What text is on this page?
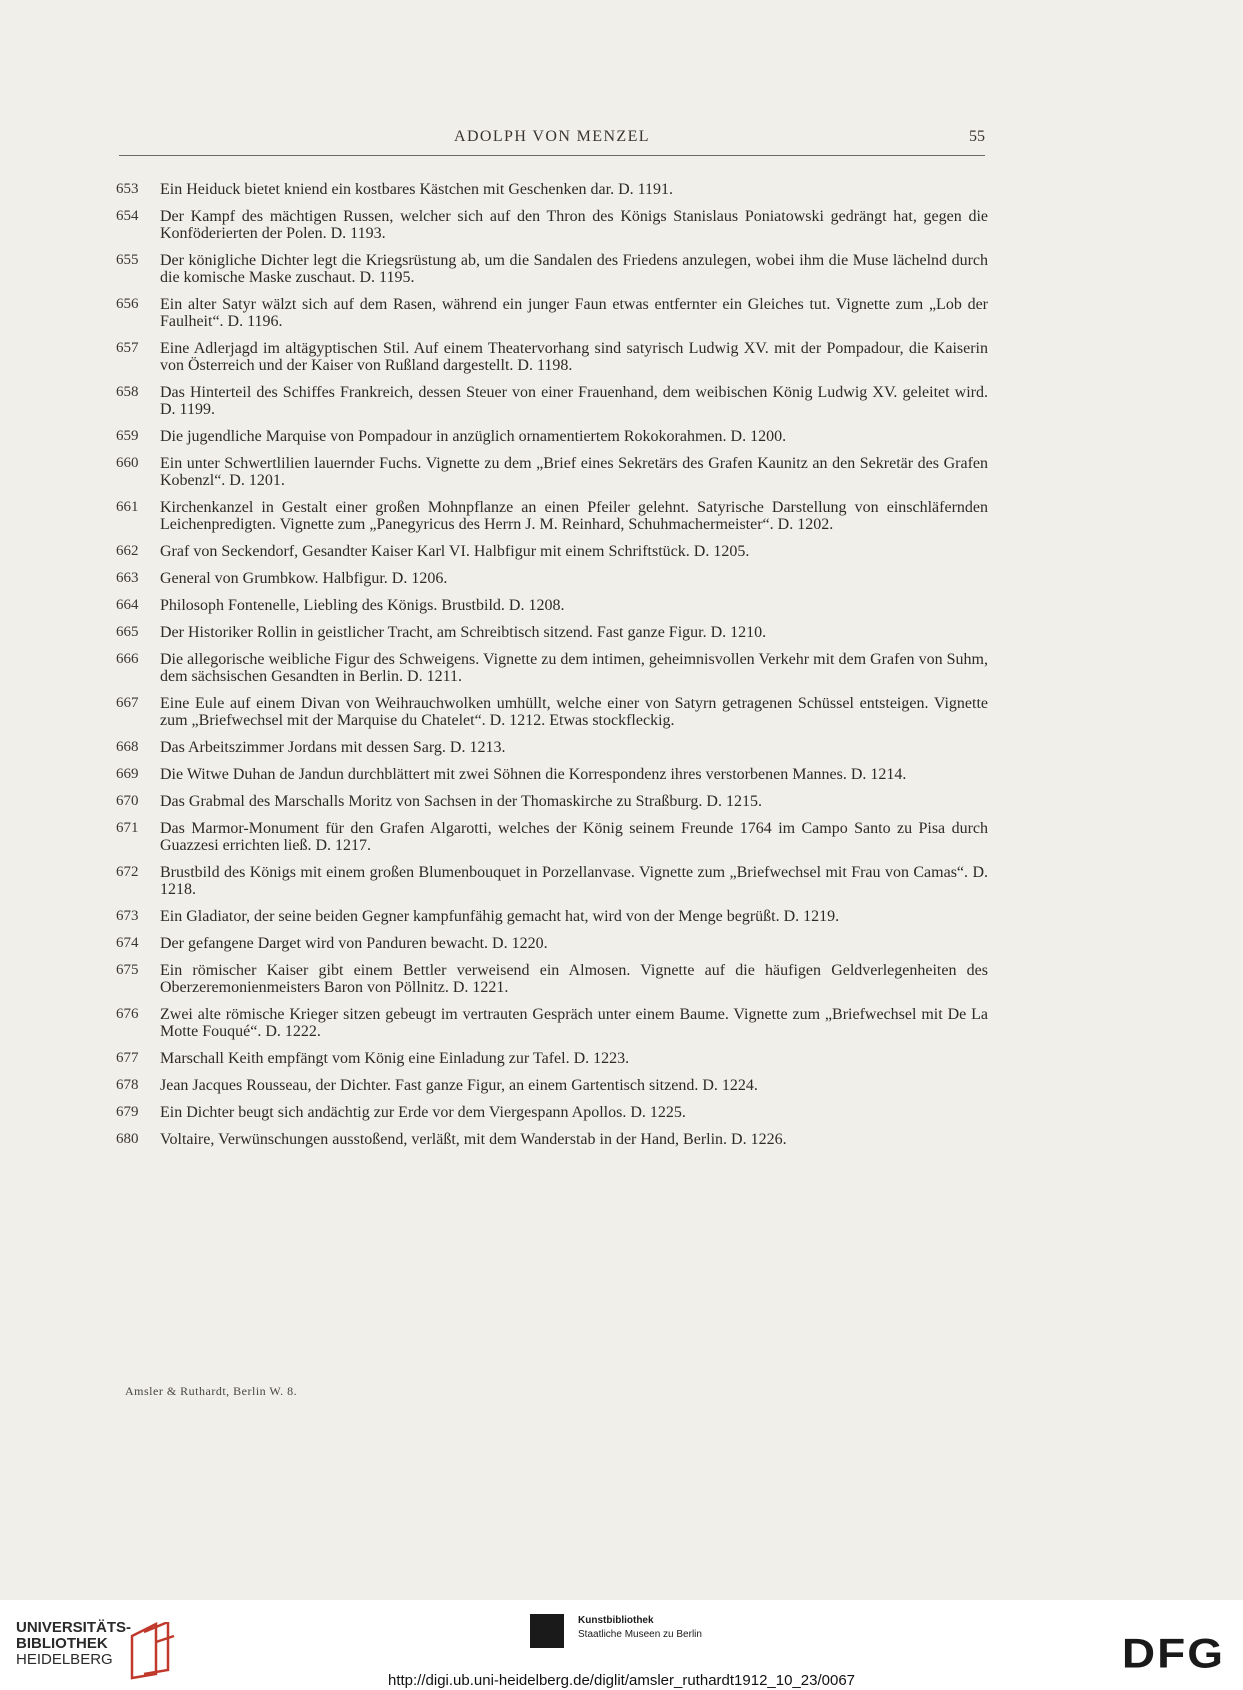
ADOLPH VON MENZEL	55
653	Ein Heiduck bietet kniend ein kostbares Kästchen mit Geschenken dar. D. 1191.
654	Der Kampf des mächtigen Russen, welcher sich auf den Thron des Königs Stanislaus Poniatowski gedrängt hat, gegen die Konföderierten der Polen. D. 1193.
655	Der königliche Dichter legt die Kriegsrüstung ab, um die Sandalen des Friedens anzulegen, wobei ihm die Muse lächelnd durch die komische Maske zuschaut. D. 1195.
656	Ein alter Satyr wälzt sich auf dem Rasen, während ein junger Faun etwas entfernter ein Gleiches tut. Vignette zum „Lob der Faulheit“. D. 1196.
657	Eine Adlerjagd im altägyptischen Stil. Auf einem Theatervorhang sind satyrisch Ludwig XV. mit der Pompadour, die Kaiserin von Österreich und der Kaiser von Rußland dargestellt. D. 1198.
658	Das Hinterteil des Schiffes Frankreich, dessen Steuer von einer Frauenhand, dem weibischen König Ludwig XV. geleitet wird. D. 1199.
659	Die jugendliche Marquise von Pompadour in anzüglich ornamentiertem Rokokorahmen. D. 1200.
660	Ein unter Schwertlilien lauernder Fuchs. Vignette zu dem „Brief eines Sekretärs des Grafen Kaunitz an den Sekretär des Grafen Kobenzl“. D. 1201.
661	Kirchenkanzel in Gestalt einer großen Mohnpflanze an einen Pfeiler gelehnt. Satyrische Darstellung von einschläfernden Leichenpredigten. Vignette zum „Panegyricus des Herrn J. M. Reinhard, Schuhmachermeister“. D. 1202.
662	Graf von Seckendorf, Gesandter Kaiser Karl VI. Halbfigur mit einem Schriftstück. D. 1205.
663	General von Grumbkow. Halbfigur. D. 1206.
664	Philosoph Fontenelle, Liebling des Königs. Brustbild. D. 1208.
665	Der Historiker Rollin in geistlicher Tracht, am Schreibtisch sitzend. Fast ganze Figur. D. 1210.
666	Die allegorische weibliche Figur des Schweigens. Vignette zu dem intimen, geheimnisvollen Verkehr mit dem Grafen von Suhm, dem sächsischen Gesandten in Berlin. D. 1211.
667	Eine Eule auf einem Divan von Weihrauchwolken umhüllt, welche einer von Satyrn getragenen Schüssel entsteigen. Vignette zum „Briefwechsel mit der Marquise du Chatelet“. D. 1212. Etwas stockfleckig.
668	Das Arbeitszimmer Jordans mit dessen Sarg. D. 1213.
669	Die Witwe Duhan de Jandun durchblättert mit zwei Söhnen die Korrespondenz ihres verstorbenen Mannes. D. 1214.
670	Das Grabmal des Marschalls Moritz von Sachsen in der Thomaskirche zu Straßburg. D. 1215.
671	Das Marmor-Monument für den Grafen Algarotti, welches der König seinem Freunde 1764 im Campo Santo zu Pisa durch Guazzesi errichten ließ. D. 1217.
672	Brustbild des Königs mit einem großen Blumenbouquet in Porzellanvase. Vignette zum „Briefwechsel mit Frau von Camas“. D. 1218.
673	Ein Gladiator, der seine beiden Gegner kampfunfähig gemacht hat, wird von der Menge begrüßt. D. 1219.
674	Der gefangene Darget wird von Panduren bewacht. D. 1220.
675	Ein römischer Kaiser gibt einem Bettler verweisend ein Almosen. Vignette auf die häufigen Geldverlegenheiten des Oberzeremonienmeisters Baron von Pöllnitz. D. 1221.
676	Zwei alte römische Krieger sitzen gebeugt im vertrauten Gespräch unter einem Baume. Vignette zum „Briefwechsel mit De La Motte Fouqué“. D. 1222.
677	Marschall Keith empfängt vom König eine Einladung zur Tafel. D. 1223.
678	Jean Jacques Rousseau, der Dichter. Fast ganze Figur, an einem Gartentisch sitzend. D. 1224.
679	Ein Dichter beugt sich andächtig zur Erde vor dem Viergespann Apollos. D. 1225.
680	Voltaire, Verwünschungen ausstoßend, verläßt, mit dem Wanderstab in der Hand, Berlin. D. 1226.
Amsler & Ruthardt, Berlin W. 8.
UNIVERSITÄTS-
BIBLIOTHEK
HEIDELBERG
Kunstbibliothek
Staatliche Museen zu Berlin	DFG
http://digi.ub.uni-heidelberg.de/diglit/amsler_ruthardt1912_10_23/0067
